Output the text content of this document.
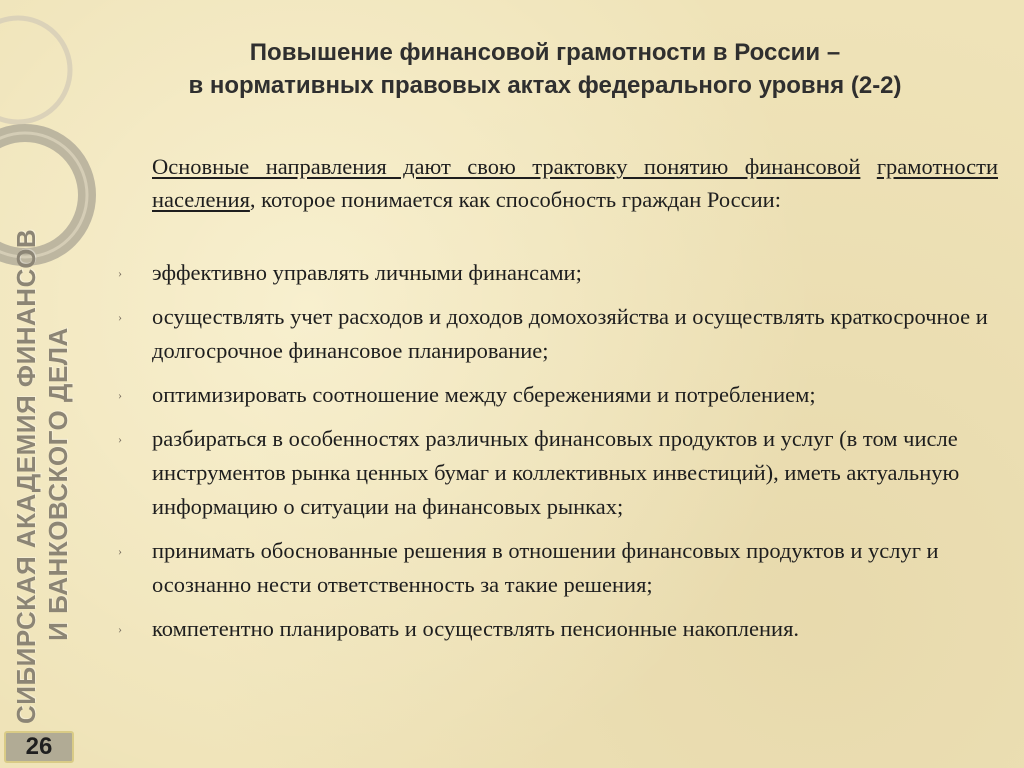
СИБИРСКАЯ АКАДЕМИЯ ФИНАНСОВ И БАНКОВСКОГО ДЕЛА
26
Повышение финансовой грамотности в России –
в нормативных правовых актах федерального уровня (2-2)
Основные направления дают свою трактовку понятию финансовой грамотности населения, которое понимается как способность граждан России:
› эффективно управлять личными финансами;
› осуществлять учет расходов и доходов домохозяйства и осуществлять краткосрочное и долгосрочное финансовое планирование;
› оптимизировать соотношение между сбережениями и потреблением;
› разбираться в особенностях различных финансовых продуктов и услуг (в том числе инструментов рынка ценных бумаг и коллективных инвестиций), иметь актуальную информацию о ситуации на финансовых рынках;
› принимать обоснованные решения в отношении финансовых продуктов и услуг и осознанно нести ответственность за такие решения;
› компетентно планировать и осуществлять пенсионные накопления.
